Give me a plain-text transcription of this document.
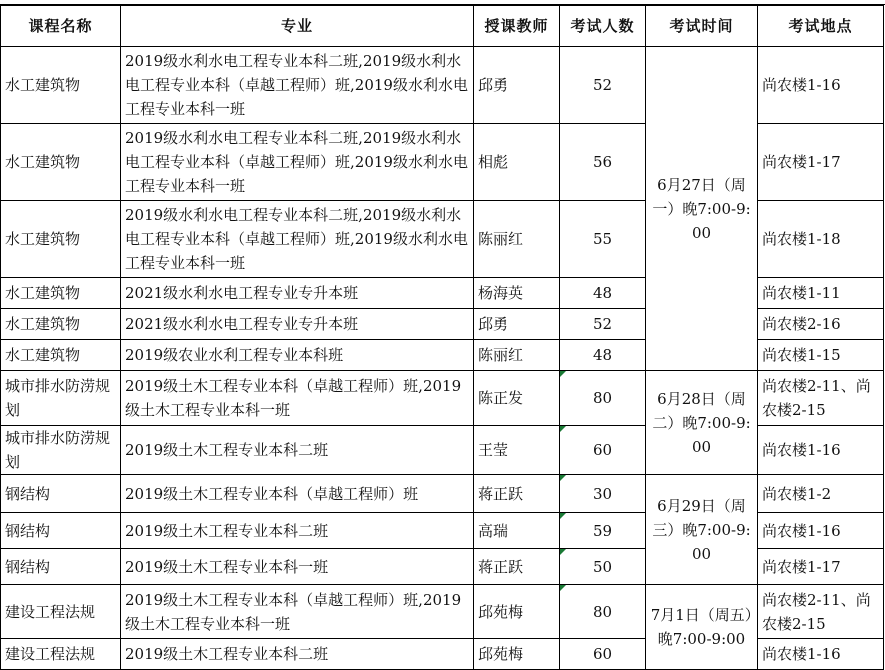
课程名称	专业	授课教师	考试人数	考试时间	考试地点
水工建筑物	2019级水利水电工程专业本科二班,2019级水利水电工程专业本科（卓越工程师）班,2019级水利水电工程专业本科一班	邱勇	52	6月27日（周一）晚7:00-9:00	尚农楼1-16
水工建筑物	2019级水利水电工程专业本科二班,2019级水利水电工程专业本科（卓越工程师）班,2019级水利水电工程专业本科一班	相彪	56		尚农楼1-17
水工建筑物	2019级水利水电工程专业本科二班,2019级水利水电工程专业本科（卓越工程师）班,2019级水利水电工程专业本科一班	陈丽红	55		尚农楼1-18
水工建筑物	2021级水利水电工程专业专升本班	杨海英	48		尚农楼1-11
水工建筑物	2021级水利水电工程专业专升本班	邱勇	52		尚农楼2-16
水工建筑物	2019级农业水利工程专业本科班	陈丽红	48		尚农楼1-15
城市排水防涝规划	2019级土木工程专业本科（卓越工程师）班,2019级土木工程专业本科一班	陈正发	80	6月28日（周二）晚7:00-9:00	尚农楼2-11、尚农楼2-15
城市排水防涝规划	2019级土木工程专业本科二班	王莹	60		尚农楼1-16
钢结构	2019级土木工程专业本科（卓越工程师）班	蒋正跃	30	6月29日（周三）晚7:00-9:00	尚农楼1-2
钢结构	2019级土木工程专业本科二班	高瑞	59		尚农楼1-16
钢结构	2019级土木工程专业本科一班	蒋正跃	50		尚农楼1-17
建设工程法规	2019级土木工程专业本科（卓越工程师）班,2019级土木工程专业本科一班	邱苑梅	80	7月1日（周五）晚7:00-9:00	尚农楼2-11、尚农楼2-15
建设工程法规	2019级土木工程专业本科二班	邱苑梅	60		尚农楼1-16
